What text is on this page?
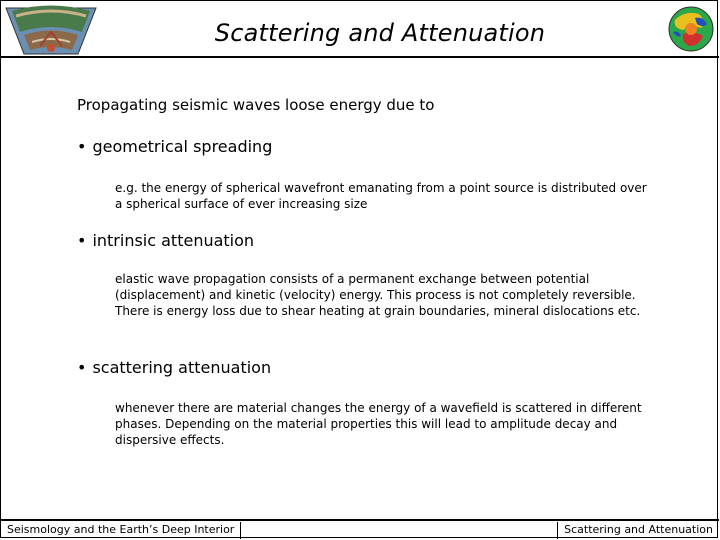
Scattering and Attenuation
Propagating seismic waves loose energy due to
• geometrical spreading
e.g. the energy of spherical wavefront emanating from a point source is distributed over a spherical surface of ever increasing size
• intrinsic attenuation
elastic wave propagation consists of a permanent exchange between potential (displacement) and kinetic (velocity) energy. This process is not completely reversible. There is energy loss due to shear heating at grain boundaries, mineral dislocations etc.
• scattering attenuation
whenever there are material changes the energy of a wavefield is scattered in different phases. Depending on the material properties this will lead to amplitude decay and dispersive effects.
Seismology and the Earth’s Deep Interior	Scattering and Attenuation
